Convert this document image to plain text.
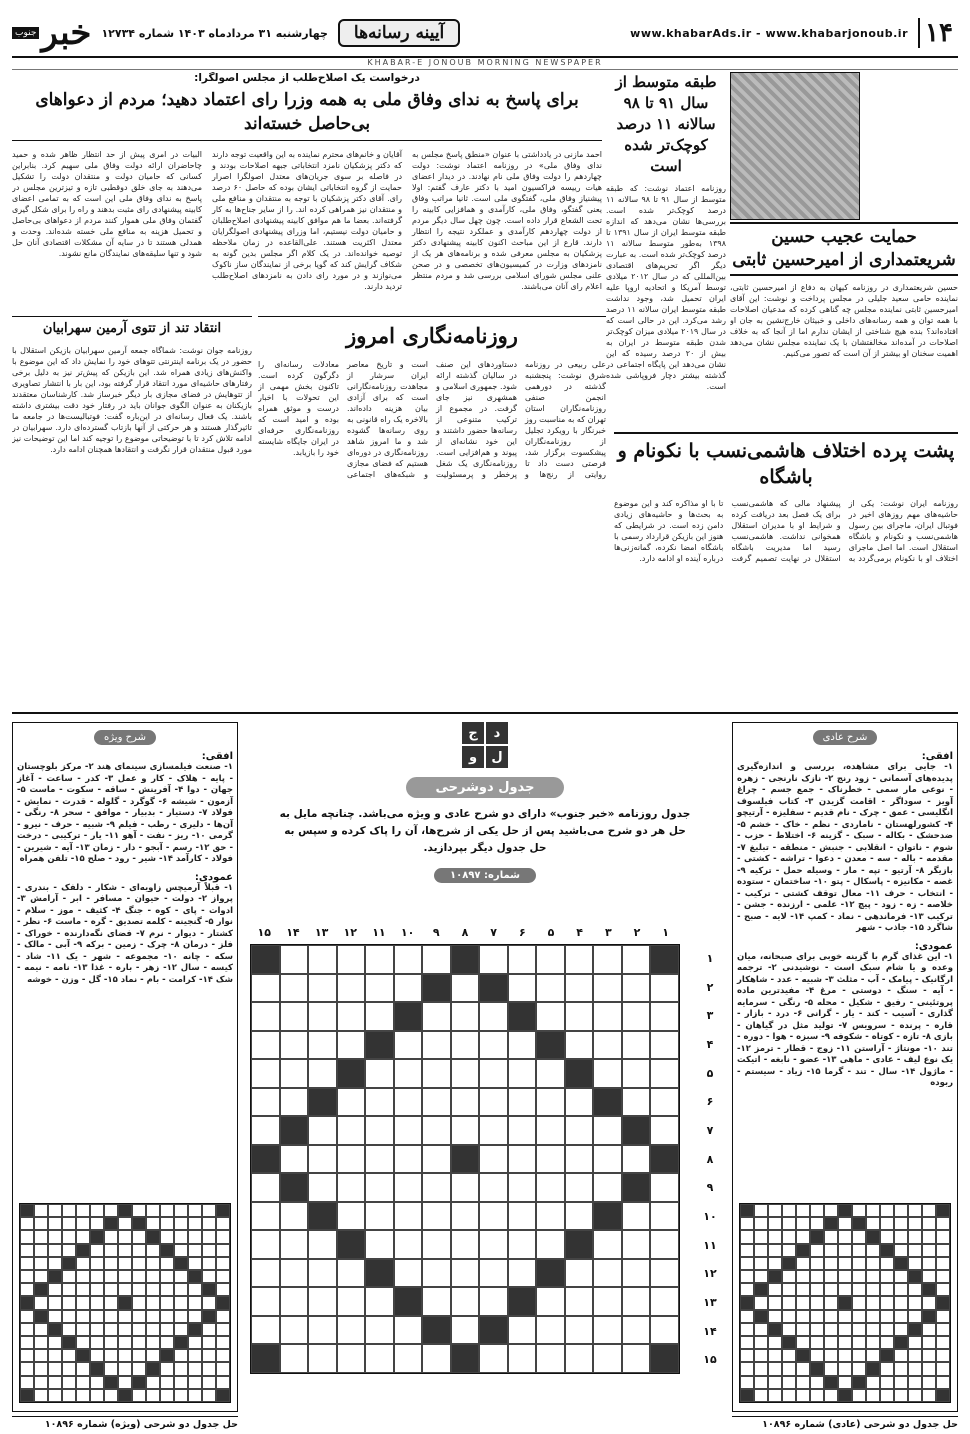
جنوب خبر چهارشنبه ۳۱ مردادماه ۱۴۰۳ شماره ۱۲۷۳۴	آیینه رسانه‌ها	www.khabarAds.ir - www.khabarjonoub.ir ۱۴
KHABAR-E JONOUB MORNING NEWSPAPER
طبقه متوسط از سال ۹۱ تا ۹۸ سالانه ۱۱ درصد کوچک‌تر شده است
روزنامه اعتماد نوشت: که طبقه متوسط از سال ۹۱ تا ۹۸ سالانه ۱۱ درصد کوچک‌تر شده است. بررسی‌ها نشان می‌دهد که اندازه طبقه متوسط ایران از سال ۱۳۹۱ تا ۱۳۹۸ به‌طور متوسط سالانه ۱۱ درصد کوچک‌تر شده است. به عبارت دیگر اگر تحریم‌های اقتصادی بین‌المللی که در سال ۲۰۱۲ میلادی توسط آمریکا و اتحادیه اروپا علیه ایران تحمیل شد، وجود نداشت طبقه متوسط ایران سالانه ۱۱ درصد رشد می‌کرد. این در حالی است که در سال ۲۰۱۹ میلادی میزان کوچک‌تر شدن طبقه متوسط در ایران به بیش از ۲۰ درصد رسیده که این نشان می‌دهد این پایگاه اجتماعی در گذشته بیشتر دچار فروپاشی شده است.
حمایت عجیب حسین شریعتمداری از امیرحسین ثابتی
حسین شریعتمداری در روزنامه کیهان به دفاع از امیرحسین ثابتی، نماینده حامی سعید جلیلی در مجلس پرداخت و نوشت: این آقای امیرحسین ثابتی نماینده مجلس چه گناهی کرده که مدعیان اصلاحات با همه توان و همه رسانه‌های داخلی و خبیثان خارج‌نشین به جان او افتاده‌اند؟ بنده هیچ شناختی از ایشان ندارم اما از آنجا که به خلاف اصلاحات در آمده‌اند مخالفتشان با یک نماینده مجلس نشان می‌دهد اهمیت سخنان او بیشتر از آن است که تصور می‌کنیم.
پشت پرده اختلاف هاشمی‌نسب با نکونام و باشگاه
روزنامه ایران نوشت: یکی از حاشیه‌های مهم روزهای اخیر در فوتبال ایران، ماجرای بین رسول هاشمی‌نسب و نکونام و باشگاه استقلال است. اما اصل ماجرای اختلاف او با نکونام برمی‌گردد به پیشنهاد مالی که هاشمی‌نسب برای یک فصل بعد دریافت کرده و شرایط او با مدیران استقلال همخوانی نداشت. هاشمی‌نسب رسید اما مدیریت باشگاه استقلال در نهایت تصمیم گرفت تا با او مذاکره کند و این موضوع به بحث‌ها و حاشیه‌های زیادی دامن زده است. در شرایطی که هنوز این بازیکن قرارداد رسمی با باشگاه امضا نکرده، گمانه‌زنی‌ها درباره آینده او ادامه دارد.
درخواست یک اصلاح‌طلب از مجلس اصولگرا:
برای پاسخ به ندای وفاق ملی به همه وزرا رای اعتماد دهید؛ مردم از دعواهای بی‌حاصل خسته‌اند
احمد مازنی در یادداشتی با عنوان «منطق پاسخ مجلس به ندای وفاق ملی» در روزنامه اعتماد نوشت: دولت چهاردهم را دولت وفاق ملی نام نهادند. در دیدار اعضای هیات رییسه فراکسیون امید با دکتر عارف گفتم: اولا پیشنیاز وفاق ملی، گفتگوی ملی است. ثانیا مراتب وفاق یعنی گفتگو، وفاق ملی، کارآمدی و همافزایی کابینه را تحت الشعاع قرار داده است. چون چهل سال دیگر مردم از دولت چهاردهم کارآمدی و عملکرد نتیجه را انتظار دارند. قارع از این مباحث اکنون کابینه پیشنهادی دکتر پزشکیان به مجلس معرفی شده و برنامه‌های هر یک از نامزدهای وزارت در کمیسیون‌های تخصصی و در صحن علنی مجلس شورای اسلامی بررسی شد و مردم منتظر اعلام رای آنان می‌باشند.
آقایان و خانم‌های محترم نماینده به این واقعیت توجه دارند که دکتر پزشکیان نامزد انتخاباتی جبهه اصلاحات بودند و در فاصله بر سوی جریان‌های معتدل اصولگرا اصرار حمایت از گروه انتخاباتی ایشان بوده که حاصل ۶۰ درصد رای. آقای دکتر پزشکیان با توجه به منتقدان و منافع ملی و منتقدان نیز همراهی کرده اند. را از سایر جناح‌ها به کار گرفته‌اند. بعضا ما هم موافق کابینه پیشنهادی اصلاح‌طلبان و حامیان دولت نیستیم، اما وزرای پیشنهادی اصولگرایان معتدل اکثریت هستند. علی‌القاعده در زمان ملاحظه توصیه خوانده‌اند. در یک کلام اگر مجلس بدین گونه به شکاف گرایش کند که گویا برخی از نمایندگان ساز ناکوک می‌نوازند و در مورد رای دادن به نامزدهای اصلاح‌طلب تردید دارند.
البیات در امری پیش از حد انتظار ظاهر شده و حمید چاحاضران ارائه دولت وفاق ملی سهیم کرد. بنابراین کسانی که حامیان دولت و منتقدان دولت را تشکیل می‌دهند به جای خلق دوقطبی تازه و تیزترین مجلس در پاسخ به ندای وفاق ملی این است که به تمامی اعضای کابینه پیشنهادی رای مثبت بدهند و راه را برای شکل گیری گفتمان وفاق ملی هموار کنند مردم از دعواهای بی‌حاصل و تحمیل هزینه به منافع ملی خسته شده‌اند. وحدت و همدلی هستند تا در سایه آن مشکلات اقتصادی آنان حل شود و تنها سلیقه‌های نمایندگان مانع نشوند.
روزنامه‌نگاری امروز
علی ربیعی در روزنامه شرق نوشت: پنجشنبه گذشته در دورهمی انجمن صنفی روزنامه‌نگاران استان تهران که به مناسبت روز خبرنگار با رویکرد تجلیل از روزنامه‌نگاران پیشکسوت برگزار شد، فرصتی دست داد تا روایتی از رنج‌ها و دستاوردهای این صنف در سالیان گذشته ارائه شود. جمهوری اسلامی و همشهری نیز جای گرفت. در مجموع از ترکیب متنوعی از رسانه‌ها حضور داشتند و این خود نشانه‌ای از پیوند و هم‌افزایی است. روزنامه‌نگاری یک شغل پرخطر و پرمسئولیت است و تاریخ معاصر ایران سرشار از مجاهدت روزنامه‌نگارانی است که برای آزادی بیان هزینه داده‌اند. بالاخره یک راه قانونی به روی رسانه‌ها گشوده شد و ما امروز شاهد روزنامه‌نگاری در دوره‌ای هستیم که فضای مجازی و شبکه‌های اجتماعی معادلات رسانه‌ای را دگرگون کرده است. تاکنون بخش مهمی از این تحولات با اخبار درست و موثق همراه بوده و امید است که روزنامه‌نگاری حرفه‌ای در ایران جایگاه شایسته خود را بازیابد.
انتقاد تند از تتوی آرمین سهرابیان
روزنامه جوان نوشت: شماگاه جمعه آرمین سهرابیان بازیکن استقلال با حضور در یک برنامه اینترنتی تتوهای خود را نمایش داد که این موضوع با واکنش‌های زیادی همراه شد. این بازیکن که پیش‌تر نیز به دلیل برخی رفتارهای حاشیه‌ای مورد انتقاد قرار گرفته بود، این بار با انتشار تصاویری از تتوهایش در فضای مجازی بار دیگر خبرساز شد. کارشناسان معتقدند بازیکنان به عنوان الگوی جوانان باید در رفتار خود دقت بیشتری داشته باشند. یک فعال رسانه‌ای در این‌باره گفت: فوتبالیست‌ها در جامعه ما تاثیرگذار هستند و هر حرکتی از آنها بازتاب گسترده‌ای دارد. سهرابیان در ادامه تلاش کرد تا با توضیحاتی موضوع را توجیه کند اما این توضیحات نیز مورد قبول منتقدان قرار نگرفت و انتقادها همچنان ادامه دارد.
شرح عادی
افقی:
۱- جایی برای مشاهده، بررسی و اندازه‌گیری پدیده‌های آسمانی - زود رنج ۲- نازک نارنجی - زهره - نوعی مار سمی - خطرناک - جمع جسم - چراغ آویز - سوداگر - اقامت گزیدن ۳- کتاب فیلسوف انگلیسی - عمق - چرک - نام قدیم - سفلیزه - آرتیچو ۴- کشورلهستان - ناماردی - نظم - خاک - خشم ۵- ضدحشک - بکاله - سبک - گزینه ۶- اختلاط - حزب - شوم - ناتوان - انقلابی - جنبش - منطقه - تبلیغ ۷- مقدمه - باله - سه - معدن - دعوا - تراشه - کشتی - بازیگر ۸- آرتیو - تپه - مار - وسیله حمل - ترکیه ۹- غصه - مکانیزه - پاسکال - پتو ۱۰- ساختمان - ستوده - انتخاب - حرف ۱۱- معال توقف کشتی - ترکیب - خلاصه - زه - زود - پیچ ۱۲- علمی - ارزنده - جشن - ترکیب ۱۳- فرماندهی - نماد - کمپ ۱۴- لایه - صبح - شاگرد ۱۵- جاذب - شهر
عمودی:
۱- این غذای گرم با گزینه خوبی برای صبحانه، میان وعده و یا شام سبک است - نوشیدنی ۲- ترجمه ارگانیک - پیامک - آب - مثلث ۳- شبیه - عدد - شاهکار - آیه - سنگ - دوستی - مرغ ۴- مفیدترین ماده پروتئینی - رفیق - شکیل - محله ۵- رنگی - سرمایه گذاری - آسیب - کند - یار - گرانی ۶- درد - بازار - قاره - پرنده - سرویس ۷- تولید مثل در گیاهان - بازی ۸- تازه - کوتاه - شکوفه ۹- سبزه - هوا - دوره - تند ۱۰- مونتاژ - آراستن ۱۱- زوج - قطار - ترمز ۱۲- یک نوع لیف - عادی - ماهی ۱۳- عضو - نابغه - اتیکت - ماژول ۱۴- سال - تند - گرما ۱۵- زیاد - سیستم - ربوده
شرح ویژه
افقی:
۱- صنعت فیلمسازی سینمای هند ۲- مرکز بلوچستان - پایه - هلاک - کار و عمل ۳- کدر - ساعت - آغاز جهان - دوا ۴- آفرینش - ساقه - سکوت - ماست ۵- آزمون - شیشه ۶- گوگرد - گلوله - قدرت - نمایش - فولاد ۷- دستیار - بدبیار - موافق - سحر ۸- رنگی - آن‌ها - دلیری - رطب - فیلم ۹- شبیه - حرف - نیرو - گرمی ۱۰- ریز - نفت - آهو ۱۱- یار - ترکیبی - درخت - حق ۱۲- رسم - آبجو - دار - زمان ۱۳- آیه - شیرین - فولاد - کارآمد ۱۴- شیر - رود - صلح ۱۵- تلفن همراه
عمودی:
۱- قبلاً آرمیچس زاویه‌ای - شکار - دلفک - بندری - پرواز ۲- دولت - حیوان - مسافر - ابر - آرامش ۳- ادوات - پای - کوه - جنگ ۴- کثیف - موز - سلام - نوار ۵- گنجینه - کلمه تصدیق - گره - ماست ۶- نظر - کشتار - دیوار - نرم ۷- فضای نگه‌دارنده - خوراک - فلز - درمان ۸- چرک - زمین - برکه ۹- آبی - مالک - سکه - چانه ۱۰- مجموعه - شهر - یک ۱۱- شاد - کیسه - سال ۱۲- زهر - باره - غذا ۱۳- نامه - نیمه - شک ۱۴- کرامت - بام - نماد ۱۵- گل - وزن - خوشه
ج	د
و	ل
جدول دوشرحی
جدول روزنامه «خبر جنوب» دارای دو شرح عادی و ویژه می‌باشد. چنانچه مایل به حل هر دو شرح می‌باشید پس از حل یکی از شرح‌ها، آن را پاک کرده و سپس به حل جدول دیگر بپردازید.
شماره: ۱۰۸۹۷
۱
۲
۳
۴
۵
۶
۷
۸
۹
۱۰
۱۱
۱۲
۱۳
۱۴
۱۵
۱
۲
۳
۴
۵
۶
۷
۸
۹
۱۰
۱۱
۱۲
۱۳
۱۴
۱۵
حل جدول دو شرحی (عادی) شماره ۱۰۸۹۶
حل جدول دو شرحی (ویژه) شماره ۱۰۸۹۶
